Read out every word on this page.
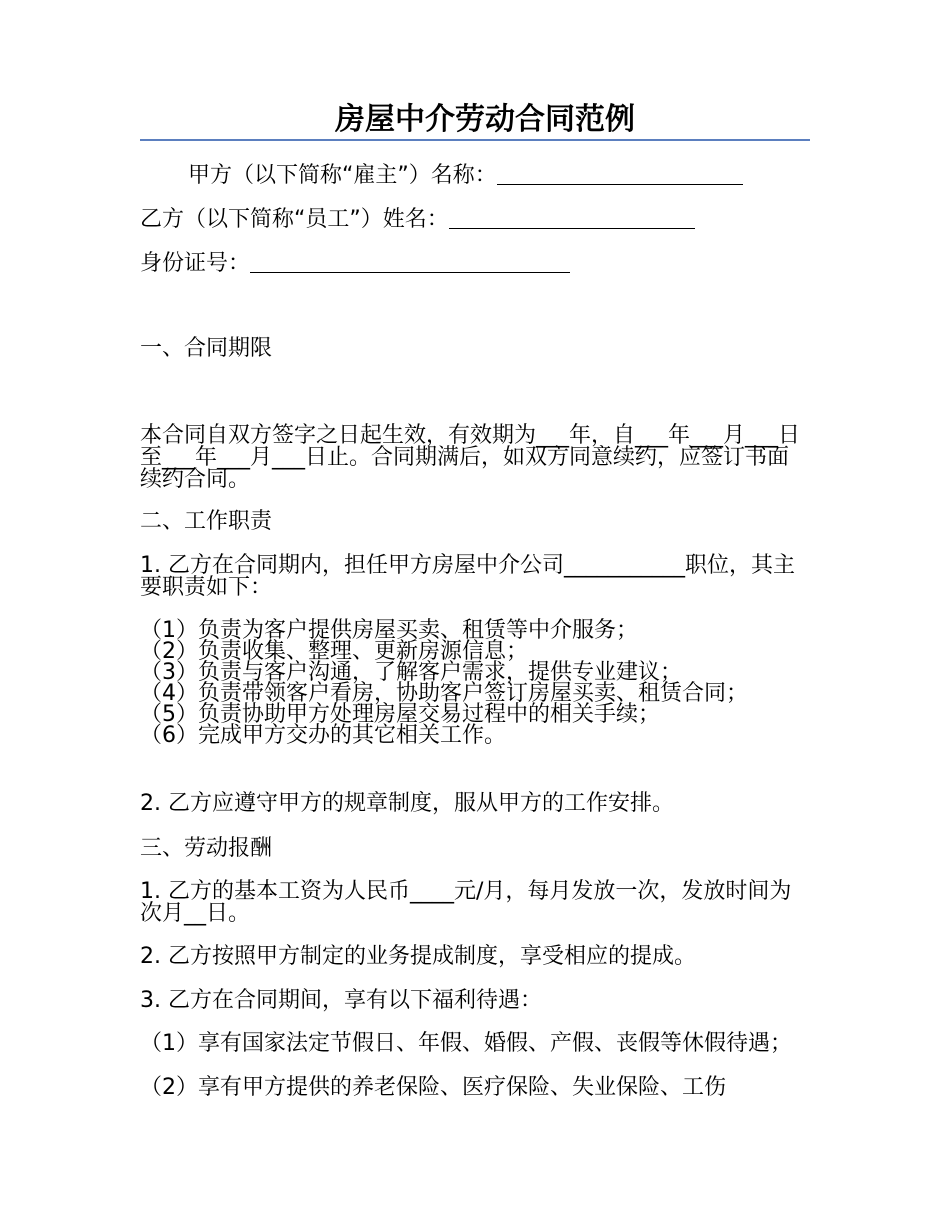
房屋中介劳动合同范例

甲方（以下简称“雇主”）名称：

乙方（以下简称“员工”）姓名：

身份证号：

一、合同期限

本合同自双方签字之日起生效，有效期为___年，自___年___月___日至___年___月___日止。合同期满后，如双方同意续约，应签订书面续约合同。

二、工作职责

1. 乙方在合同期内，担任甲方房屋中介公司___________职位，其主要职责如下：

（1）负责为客户提供房屋买卖、租赁等中介服务；
（2）负责收集、整理、更新房源信息；
（3）负责与客户沟通，了解客户需求，提供专业建议；
（4）负责带领客户看房，协助客户签订房屋买卖、租赁合同；
（5）负责协助甲方处理房屋交易过程中的相关手续；
（6）完成甲方交办的其它相关工作。

2. 乙方应遵守甲方的规章制度，服从甲方的工作安排。

三、劳动报酬

1. 乙方的基本工资为人民币____元/月，每月发放一次，发放时间为次月__日。

2. 乙方按照甲方制定的业务提成制度，享受相应的提成。

3. 乙方在合同期间，享有以下福利待遇：

（1）享有国家法定节假日、年假、婚假、产假、丧假等休假待遇；

（2）享有甲方提供的养老保险、医疗保险、失业保险、工伤
